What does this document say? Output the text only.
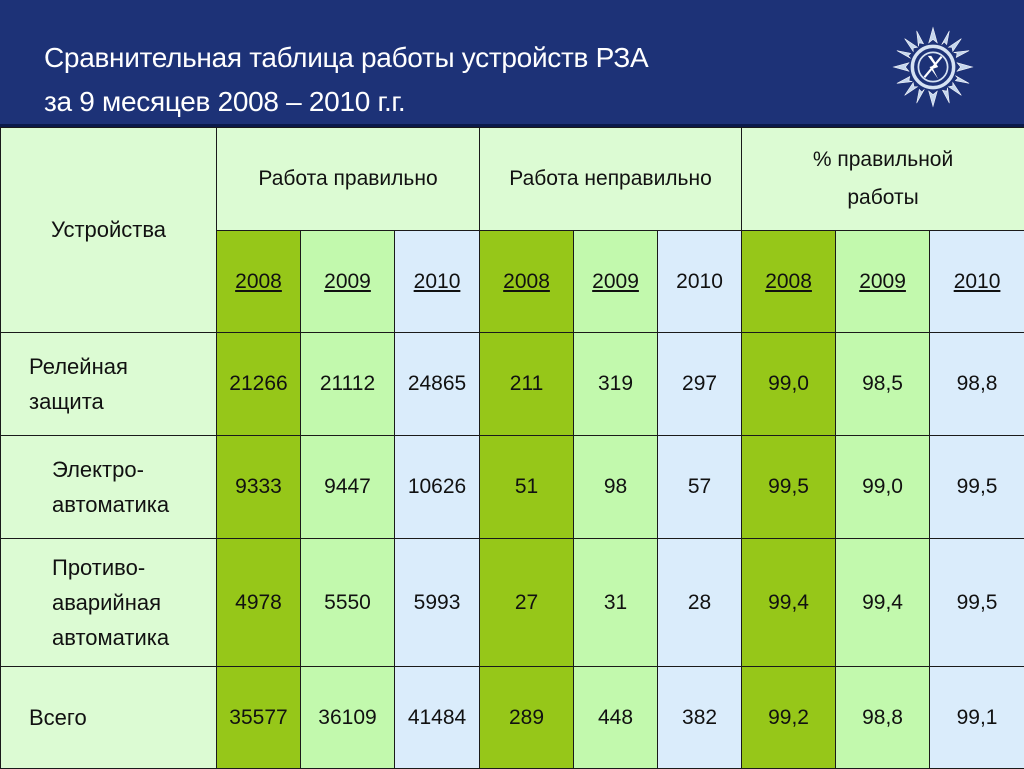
Сравнительная таблица работы устройств РЗА
за 9 месяцев 2008 – 2010 г.г.
Устройства	Работа правильно			Работа неправильно			% правильной
работы		

	2008	2009	2010	2008	2009	2010	2008	2009	2010

Релейная
защита	21266	21112	24865	211	319	297	99,0	98,5	98,8

Электро-
автоматика	9333	9447	10626	51	98	57	99,5	99,0	99,5

Противо-
аварийная
автоматика	4978	5550	5993	27	31	28	99,4	99,4	99,5

Всего	35577	36109	41484	289	448	382	99,2	98,8	99,1
